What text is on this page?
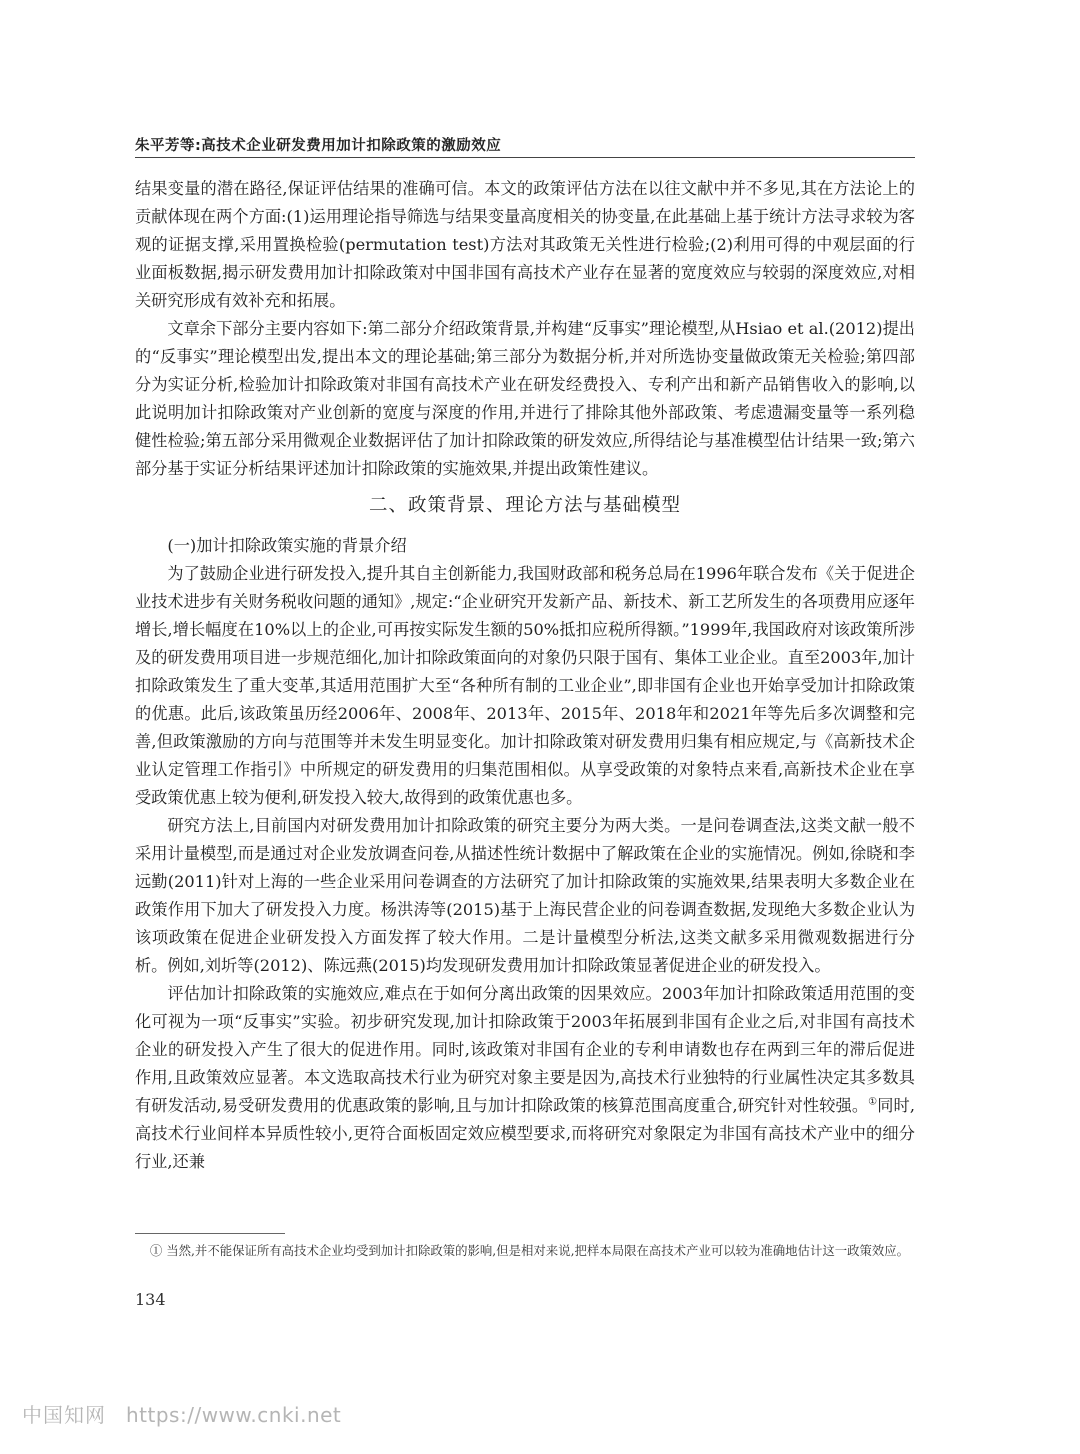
朱平芳等:高技术企业研发费用加计扣除政策的激励效应

结果变量的潜在路径,保证评估结果的准确可信。本文的政策评估方法在以往文献中并不多见,其在方法论上的贡献体现在两个方面:(1)运用理论指导筛选与结果变量高度相关的协变量,在此基础上基于统计方法寻求较为客观的证据支撑,采用置换检验(permutation test)方法对其政策无关性进行检验;(2)利用可得的中观层面的行业面板数据,揭示研发费用加计扣除政策对中国非国有高技术产业存在显著的宽度效应与较弱的深度效应,对相关研究形成有效补充和拓展。

文章余下部分主要内容如下:第二部分介绍政策背景,并构建“反事实”理论模型,从Hsiao et al.(2012)提出的“反事实”理论模型出发,提出本文的理论基础;第三部分为数据分析,并对所选协变量做政策无关检验;第四部分为实证分析,检验加计扣除政策对非国有高技术产业在研发经费投入、专利产出和新产品销售收入的影响,以此说明加计扣除政策对产业创新的宽度与深度的作用,并进行了排除其他外部政策、考虑遗漏变量等一系列稳健性检验;第五部分采用微观企业数据评估了加计扣除政策的研发效应,所得结论与基准模型估计结果一致;第六部分基于实证分析结果评述加计扣除政策的实施效果,并提出政策性建议。

二、政策背景、理论方法与基础模型

(一)加计扣除政策实施的背景介绍

为了鼓励企业进行研发投入,提升其自主创新能力,我国财政部和税务总局在1996年联合发布《关于促进企业技术进步有关财务税收问题的通知》,规定:“企业研究开发新产品、新技术、新工艺所发生的各项费用应逐年增长,增长幅度在10%以上的企业,可再按实际发生额的50%抵扣应税所得额。”1999年,我国政府对该政策所涉及的研发费用项目进一步规范细化,加计扣除政策面向的对象仍只限于国有、集体工业企业。直至2003年,加计扣除政策发生了重大变革,其适用范围扩大至“各种所有制的工业企业”,即非国有企业也开始享受加计扣除政策的优惠。此后,该政策虽历经2006年、2008年、2013年、2015年、2018年和2021年等先后多次调整和完善,但政策激励的方向与范围等并未发生明显变化。加计扣除政策对研发费用归集有相应规定,与《高新技术企业认定管理工作指引》中所规定的研发费用的归集范围相似。从享受政策的对象特点来看,高新技术企业在享受政策优惠上较为便利,研发投入较大,故得到的政策优惠也多。

研究方法上,目前国内对研发费用加计扣除政策的研究主要分为两大类。一是问卷调查法,这类文献一般不采用计量模型,而是通过对企业发放调查问卷,从描述性统计数据中了解政策在企业的实施情况。例如,徐晓和李远勤(2011)针对上海的一些企业采用问卷调查的方法研究了加计扣除政策的实施效果,结果表明大多数企业在政策作用下加大了研发投入力度。杨洪涛等(2015)基于上海民营企业的问卷调查数据,发现绝大多数企业认为该项政策在促进企业研发投入方面发挥了较大作用。二是计量模型分析法,这类文献多采用微观数据进行分析。例如,刘圻等(2012)、陈远燕(2015)均发现研发费用加计扣除政策显著促进企业的研发投入。

评估加计扣除政策的实施效应,难点在于如何分离出政策的因果效应。2003年加计扣除政策适用范围的变化可视为一项“反事实”实验。初步研究发现,加计扣除政策于2003年拓展到非国有企业之后,对非国有高技术企业的研发投入产生了很大的促进作用。同时,该政策对非国有企业的专利申请数也存在两到三年的滞后促进作用,且政策效应显著。本文选取高技术行业为研究对象主要是因为,高技术行业独特的行业属性决定其多数具有研发活动,易受研发费用的优惠政策的影响,且与加计扣除政策的核算范围高度重合,研究针对性较强。①同时,高技术行业间样本异质性较小,更符合面板固定效应模型要求,而将研究对象限定为非国有高技术产业中的细分行业,还兼

① 当然,并不能保证所有高技术企业均受到加计扣除政策的影响,但是相对来说,把样本局限在高技术产业可以较为准确地估计这一政策效应。
134
中国知网 https://www.cnki.net
